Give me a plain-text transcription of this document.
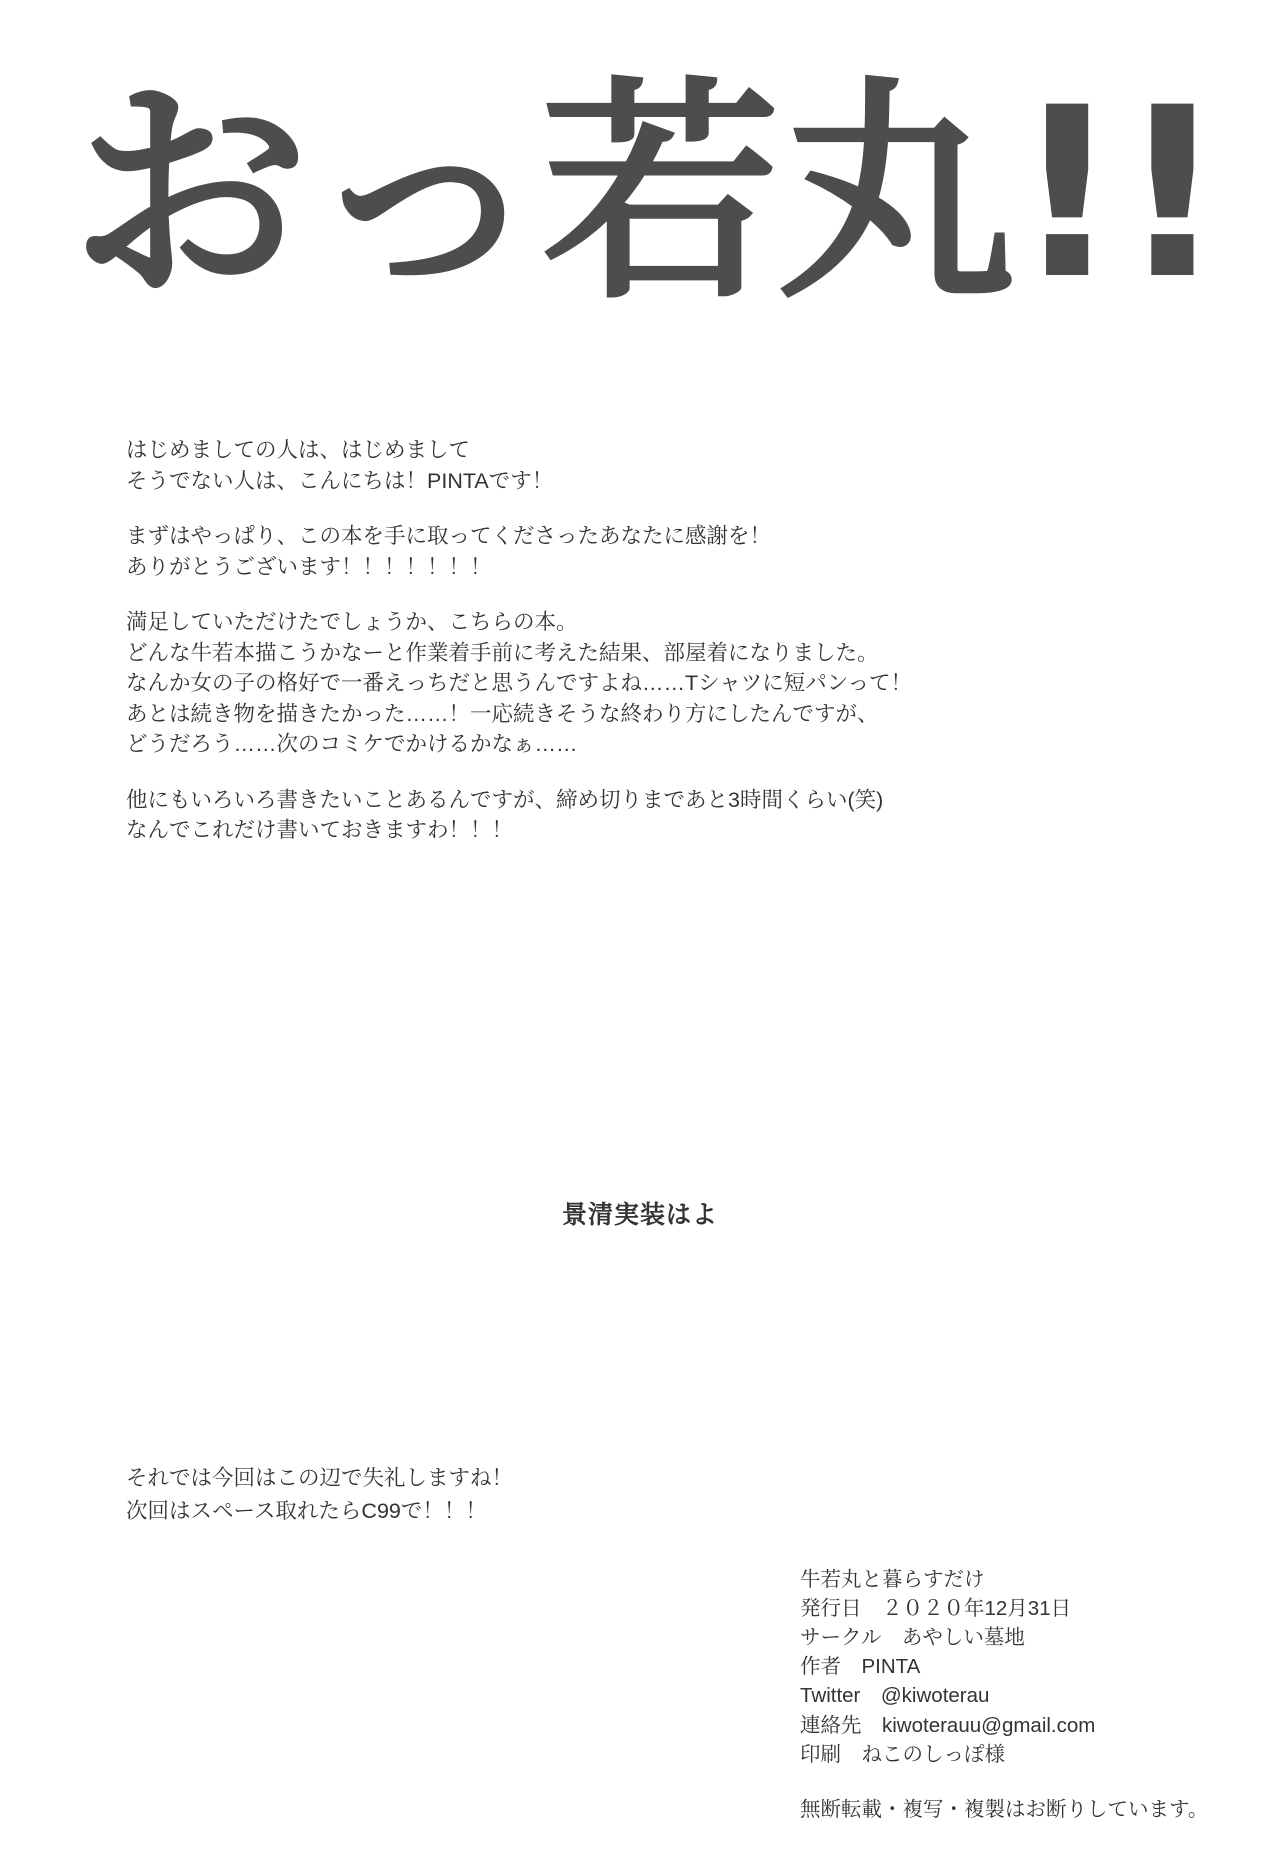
おっ若丸!!
はじめましての人は、はじめまして
そうでない人は、こんにちは！PINTAです！
まずはやっぱり、この本を手に取ってくださったあなたに感謝を！
ありがとうございます！！！！！！！
満足していただけたでしょうか、こちらの本。
どんな牛若本描こうかなーと作業着手前に考えた結果、部屋着になりました。
なんか女の子の格好で一番えっちだと思うんですよね……Tシャツに短パンって！
あとは続き物を描きたかった……！一応続きそうな終わり方にしたんですが、
どうだろう……次のコミケでかけるかなぁ……
他にもいろいろ書きたいことあるんですが、締め切りまであと3時間くらい(笑)
なんでこれだけ書いておきますわ！！！
景清実装はよ
それでは今回はこの辺で失礼しますね！
次回はスペース取れたらC99で！！！
牛若丸と暮らすだけ
発行日　２０２０年12月31日
サークル　あやしい墓地
作者　PINTA
Twitter　@kiwoterau
連絡先　kiwoterauu@gmail.com
印刷　ねこのしっぽ様
無断転載・複写・複製はお断りしています。
